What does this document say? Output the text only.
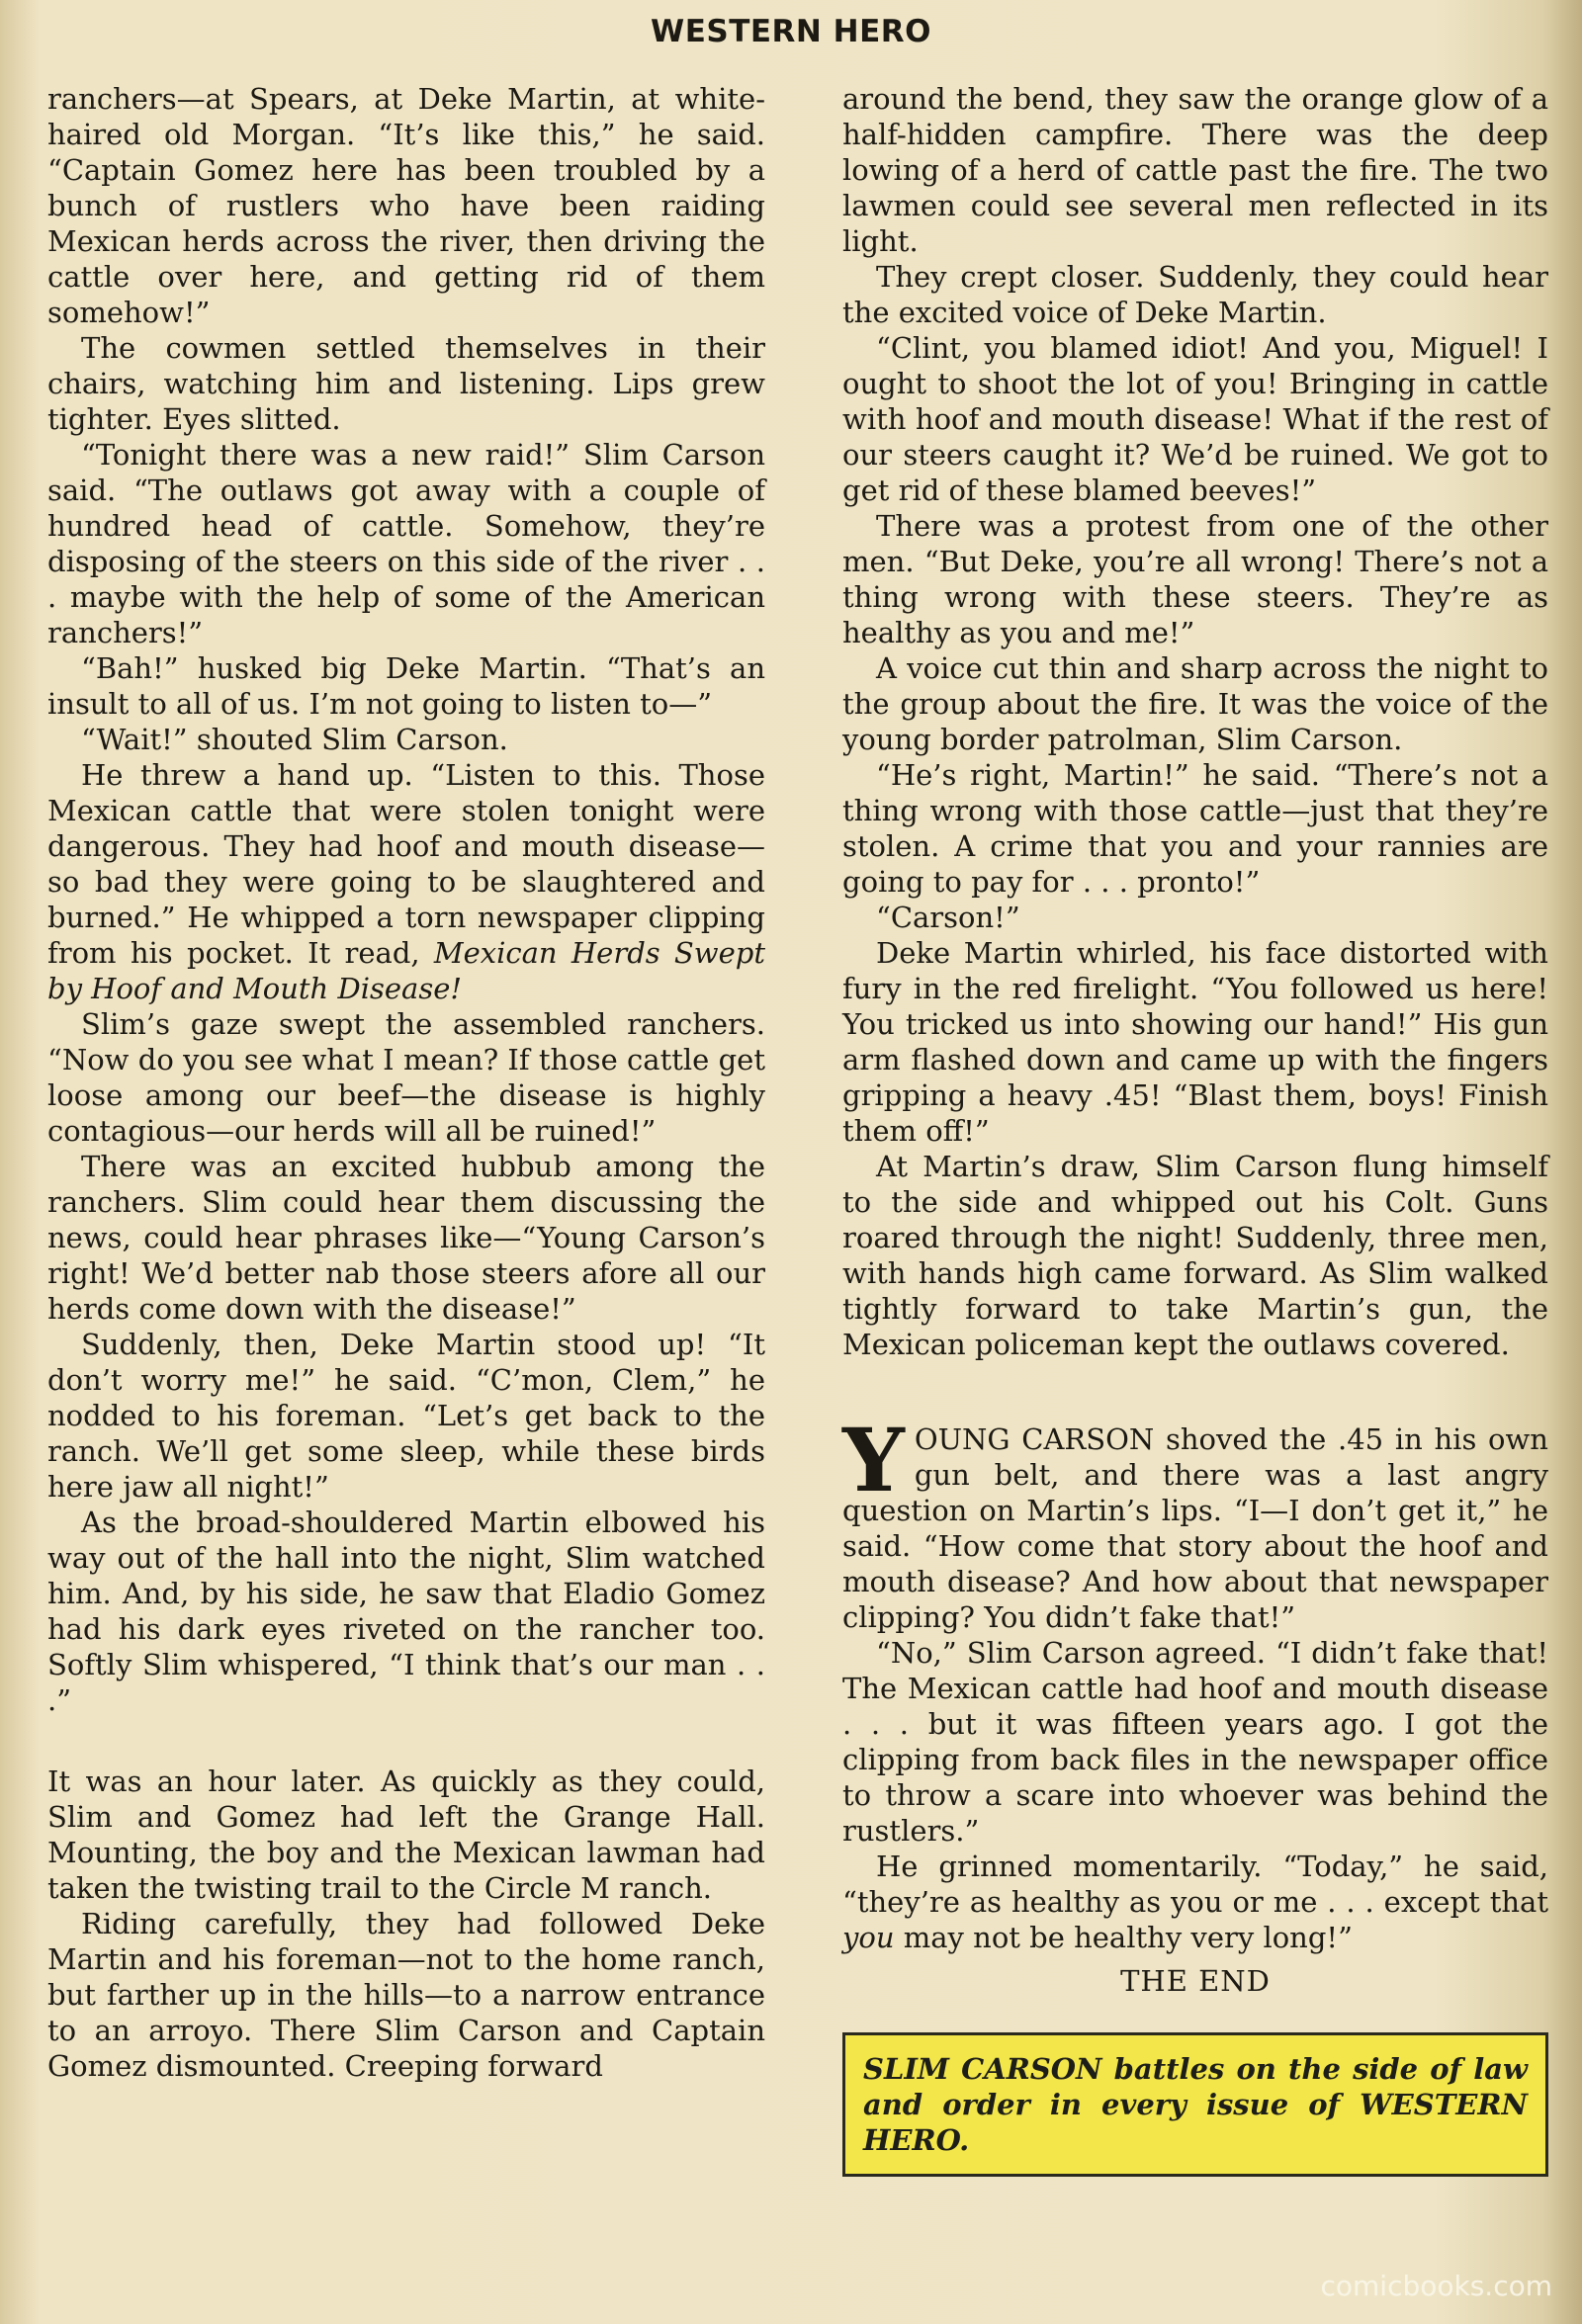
WESTERN HERO

ranchers—at Spears, at Deke Martin, at white-haired old Morgan. “It’s like this,” he said. “Captain Gomez here has been troubled by a bunch of rustlers who have been raiding Mexican herds across the river, then driving the cattle over here, and getting rid of them somehow!”

The cowmen settled themselves in their chairs, watching him and listening. Lips grew tighter. Eyes slitted.

“Tonight there was a new raid!” Slim Carson said. “The outlaws got away with a couple of hundred head of cattle. Somehow, they’re disposing of the steers on this side of the river . . . maybe with the help of some of the American ranchers!”

“Bah!” husked big Deke Martin. “That’s an insult to all of us. I’m not going to listen to—”

“Wait!” shouted Slim Carson.

He threw a hand up. “Listen to this. Those Mexican cattle that were stolen tonight were dangerous. They had hoof and mouth disease—so bad they were going to be slaughtered and burned.” He whipped a torn newspaper clipping from his pocket. It read, Mexican Herds Swept by Hoof and Mouth Disease!

Slim’s gaze swept the assembled ranchers. “Now do you see what I mean? If those cattle get loose among our beef—the disease is highly contagious—our herds will all be ruined!”

There was an excited hubbub among the ranchers. Slim could hear them discussing the news, could hear phrases like—“Young Carson’s right! We’d better nab those steers afore all our herds come down with the disease!”

Suddenly, then, Deke Martin stood up! “It don’t worry me!” he said. “C’mon, Clem,” he nodded to his foreman. “Let’s get back to the ranch. We’ll get some sleep, while these birds here jaw all night!”

As the broad-shouldered Martin elbowed his way out of the hall into the night, Slim watched him. And, by his side, he saw that Eladio Gomez had his dark eyes riveted on the rancher too. Softly Slim whispered, “I think that’s our man . . .”

It was an hour later. As quickly as they could, Slim and Gomez had left the Grange Hall. Mounting, the boy and the Mexican lawman had taken the twisting trail to the Circle M ranch.

Riding carefully, they had followed Deke Martin and his foreman—not to the home ranch, but farther up in the hills—to a narrow entrance to an arroyo. There Slim Carson and Captain Gomez dismounted. Creeping forward

around the bend, they saw the orange glow of a half-hidden campfire. There was the deep lowing of a herd of cattle past the fire. The two lawmen could see several men reflected in its light.

They crept closer. Suddenly, they could hear the excited voice of Deke Martin.

“Clint, you blamed idiot! And you, Miguel! I ought to shoot the lot of you! Bringing in cattle with hoof and mouth disease! What if the rest of our steers caught it? We’d be ruined. We got to get rid of these blamed beeves!”

There was a protest from one of the other men. “But Deke, you’re all wrong! There’s not a thing wrong with these steers. They’re as healthy as you and me!”

A voice cut thin and sharp across the night to the group about the fire. It was the voice of the young border patrolman, Slim Carson.

“He’s right, Martin!” he said. “There’s not a thing wrong with those cattle—just that they’re stolen. A crime that you and your rannies are going to pay for . . . pronto!”

“Carson!”

Deke Martin whirled, his face distorted with fury in the red firelight. “You followed us here! You tricked us into showing our hand!” His gun arm flashed down and came up with the fingers gripping a heavy .45! “Blast them, boys! Finish them off!”

At Martin’s draw, Slim Carson flung himself to the side and whipped out his Colt. Guns roared through the night! Suddenly, three men, with hands high came forward. As Slim walked tightly forward to take Martin’s gun, the Mexican policeman kept the outlaws covered.

YOUNG CARSON shoved the .45 in his own gun belt, and there was a last angry question on Martin’s lips. “I—I don’t get it,” he said. “How come that story about the hoof and mouth disease? And how about that newspaper clipping? You didn’t fake that!”

“No,” Slim Carson agreed. “I didn’t fake that! The Mexican cattle had hoof and mouth disease . . . but it was fifteen years ago. I got the clipping from back files in the newspaper office to throw a scare into whoever was behind the rustlers.”

He grinned momentarily. “Today,” he said, “they’re as healthy as you or me . . . except that you may not be healthy very long!”

THE END
SLIM CARSON battles on the side of law and order in every issue of WESTERN HERO.
comicbooks.com
